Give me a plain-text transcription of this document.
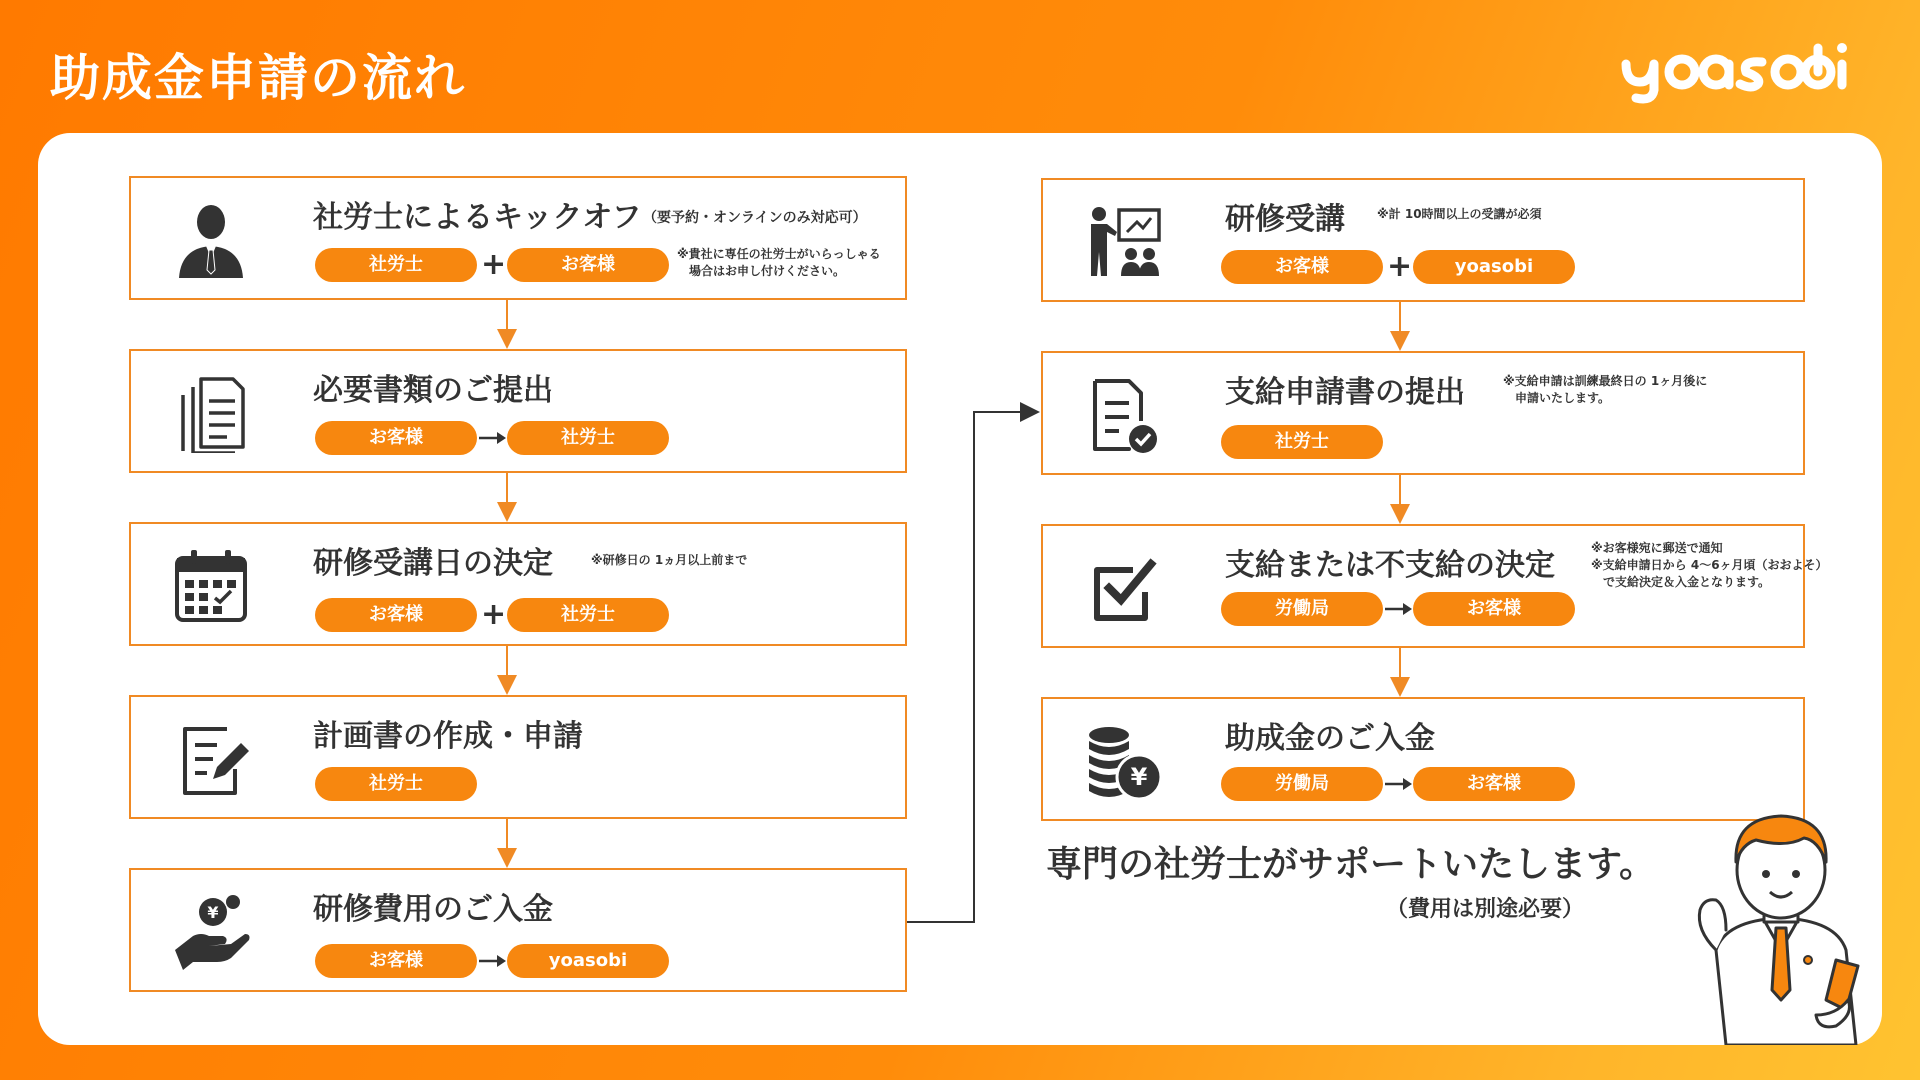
助成金申請の流れ
社労士によるキックオフ （要予約・オンラインのみ対応可）
社労士	+	お客様	※貴社に専任の社労士がいらっしゃる
　場合はお申し付けください。
必要書類のご提出
お客様	社労士
研修受講日の決定	※研修日の 1ヵ月以上前まで
お客様	+	社労士
計画書の作成・申請
社労士
¥	研修費用のご入金
お客様	yoasobi
研修受講	※計 10時間以上の受講が必須
お客様	+	yoasobi
支給申請書の提出	※支給申請は訓練最終日の 1ヶ月後に
　申請いたします。
社労士
支給または不支給の決定	※お客様宛に郵送で通知
※支給申請日から 4〜6ヶ月頃（おおよそ）
　で支給決定＆入金となります。
労働局	お客様
¥
助成金のご入金
労働局	お客様
専門の社労士がサポートいたします。
（費用は別途必要）
